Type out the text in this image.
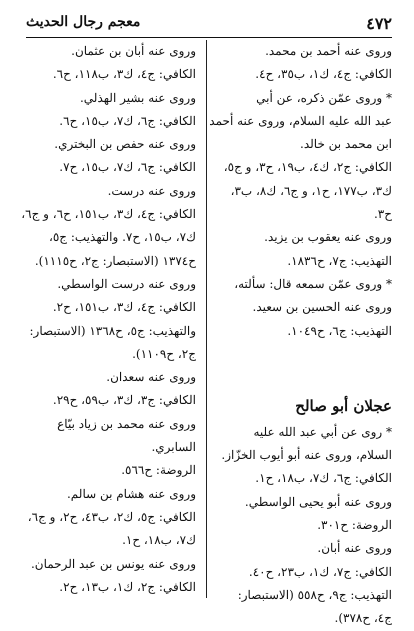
٤٧٢
معجم رجال الحديث
وروى عنه أحمد بن محمد.
الكافي: ج٤، ك١، ب٣٥، ح٤.
* وروى عمّن ذكره، عن أبي
عبد الله عليه السلام، وروى عنه أحمد
ابن محمد بن خالد.
الكافي: ج٢، ك٤، ب١٩، ح٣، و ج٥،
ك٣، ب١٧٧، ح١، و ج٦، ك٨، ب٣،
ح٣.
وروى عنه يعقوب بن يزيد.
التهذيب: ج٧، ح١٨٣٦.
* وروى عمّن سمعه قال: سألته،
وروى عنه الحسين بن سعيد.
التهذيب: ج٦، ح١٠٤٩.
عجلان أبو صالح
* روى عن أبي عبد الله عليه
السلام، وروى عنه أبو أيوب الخزّاز.
الكافي: ج٦، ك٧، ب١٨، ح١.
وروى عنه أبو يحيى الواسطي.
الروضة: ح٣٠١.
وروى عنه أبان.
الكافي: ج٧، ك١، ب٢٣، ح٤٠.
التهذيب: ج٩، ح٥٥٨ (الاستبصار:
ج٤، ح٣٧٨).
وروى عنه أبان بن عثمان.
الكافي: ج٤، ك٣، ب١١٨، ح٦.
وروى عنه بشير الهذلي.
الكافي: ج٦، ك٧، ب١٥، ح٦.
وروى عنه حفص بن البختري.
الكافي: ج٦، ك٧، ب١٥، ح٧.
وروى عنه درست.
الكافي: ج٤، ك٣، ب١٥١، ح٦، و ج٦،
ك٧، ب١٥، ح٧. والتهذيب: ج٥،
ح١٣٧٤ (الاستبصار: ج٢، ح١١١٥).
وروى عنه درست الواسطي.
الكافي: ج٤، ك٣، ب١٥١، ح٢.
والتهذيب: ج٥، ح١٣٦٨ (الاستبصار:
ج٢، ح١١٠٩).
وروى عنه سعدان.
الكافي: ج٣، ك٣، ب٥٩، ح٢٩.
وروى عنه محمد بن زياد بيّاع
السابري.
الروضة: ح٥٦٦.
وروى عنه هشام بن سالم.
الكافي: ج٥، ك٢، ب٤٣، ح٢، و ج٦،
ك٧، ب١٨، ح١.
وروى عنه يونس بن عبد الرحمان.
الكافي: ج٢، ك١، ب١٣، ح٢.
